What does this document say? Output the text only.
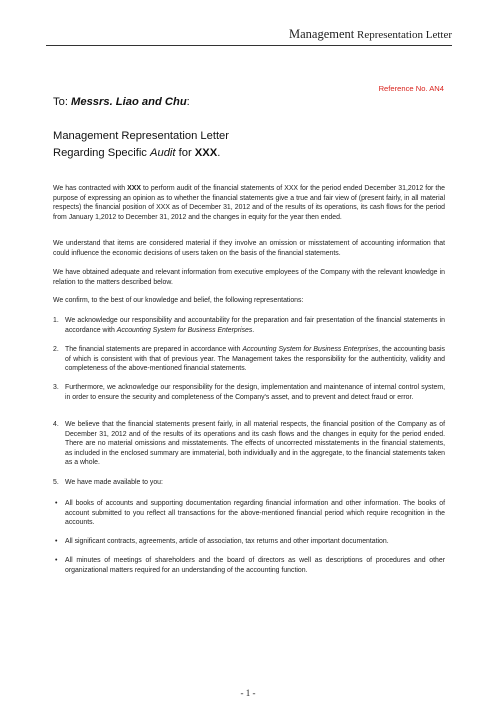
Management Representation Letter
Reference No. AN4
To: Messrs. Liao and Chu:
Management Representation Letter
Regarding Specific Audit for XXX.
We has contracted with XXX to perform audit of the financial statements of XXX for the period ended December 31,2012 for the purpose of expressing an opinion as to whether the financial statements give a true and fair view of (present fairly, in all material respects) the financial position of XXX as of December 31, 2012 and of the results of its operations, its cash flows for the period from January 1,2012 to December 31, 2012 and the changes in equity for the year then ended.
We understand that items are considered material if they involve an omission or misstatement of accounting information that could influence the economic decisions of users taken on the basis of the financial statements.
We have obtained adequate and relevant information from executive employees of the Company with the relevant knowledge in relation to the matters described below.
We confirm, to the best of our knowledge and belief, the following representations:
1. We acknowledge our responsibility and accountability for the preparation and fair presentation of the financial statements in accordance with Accounting System for Business Enterprises.
2. The financial statements are prepared in accordance with Accounting System for Business Enterprises, the accounting basis of which is consistent with that of previous year. The Management takes the responsibility for the authenticity, validity and completeness of the above-mentioned financial statements.
3. Furthermore, we acknowledge our responsibility for the design, implementation and maintenance of internal control system, in order to ensure the security and completeness of the Company's asset, and to prevent and detect fraud or error.
4. We believe that the financial statements present fairly, in all material respects, the financial position of the Company as of December 31, 2012 and of the results of its operations and its cash flows and the changes in equity for the period ended. There are no material omissions and misstatements. The effects of uncorrected misstatements in the financial statements, as included in the enclosed summary are immaterial, both individually and in the aggregate, to the financial statements taken as a whole.
5. We have made available to you:
• All books of accounts and supporting documentation regarding financial information and other information. The books of account submitted to you reflect all transactions for the above-mentioned financial period which require recognition in the accounts.
• All significant contracts, agreements, article of association, tax returns and other important documentation.
• All minutes of meetings of shareholders and the board of directors as well as descriptions of procedures and other organizational matters required for an understanding of the accounting function.
- 1 -
